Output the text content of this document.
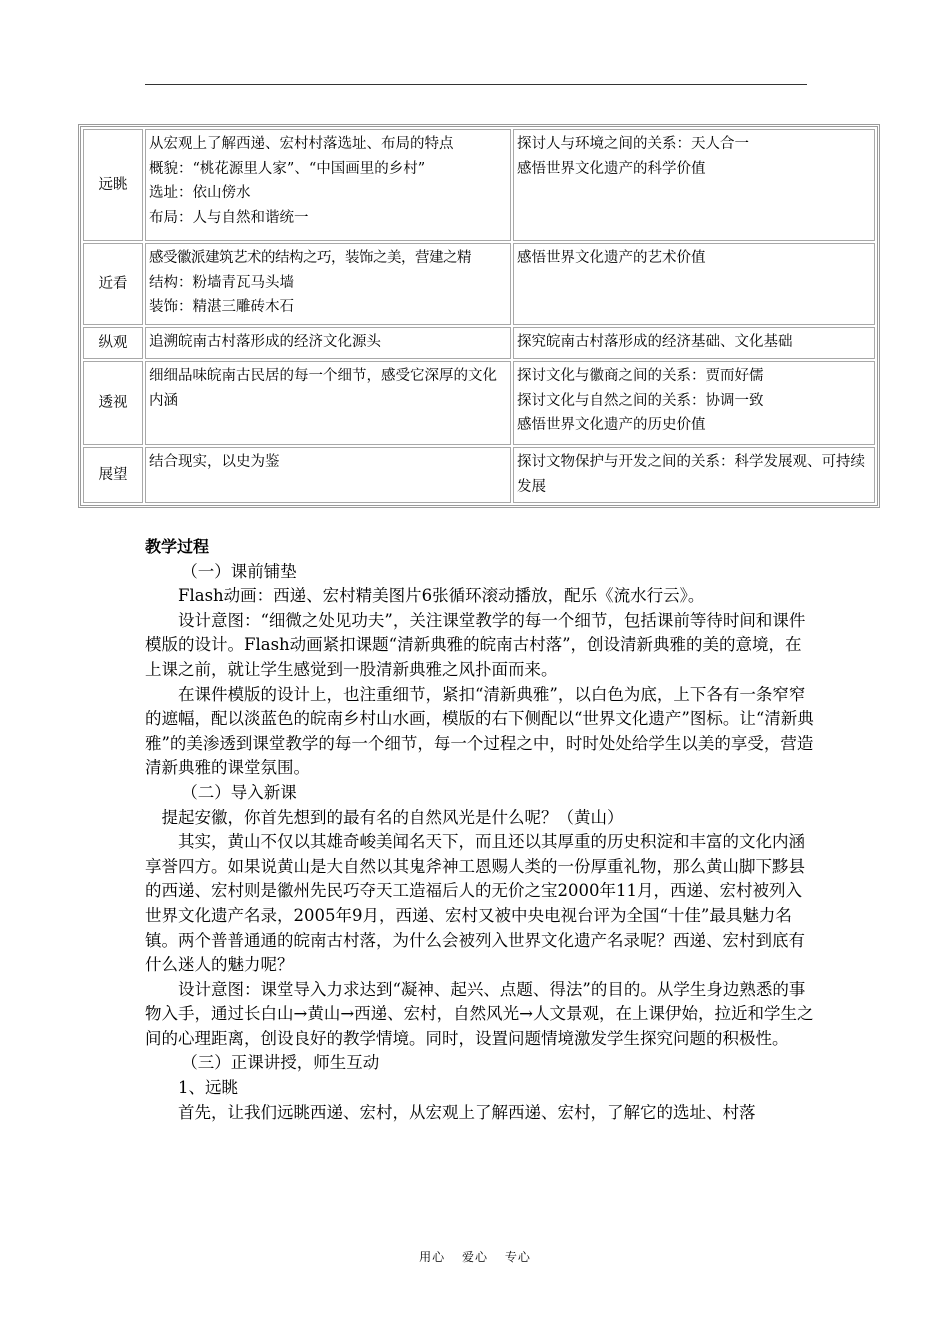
远眺	从宏观上了解西递、宏村村落选址、布局的特点
概貌：“桃花源里人家”、“中国画里的乡村”
选址：依山傍水
布局：人与自然和谐统一	探讨人与环境之间的关系：天人合一
感悟世界文化遗产的科学价值

近看	感受徽派建筑艺术的结构之巧，装饰之美，营建之精
结构：粉墙青瓦马头墙
装饰：精湛三雕砖木石	感悟世界文化遗产的艺术价值

纵观	追溯皖南古村落形成的经济文化源头	探究皖南古村落形成的经济基础、文化基础

透视	细细品味皖南古民居的每一个细节，感受它深厚的文化内涵	探讨文化与徽商之间的关系：贾而好儒
探讨文化与自然之间的关系：协调一致
感悟世界文化遗产的历史价值

展望	结合现实，以史为鉴	探讨文物保护与开发之间的关系：科学发展观、可持续发展

教学过程

（一）课前铺垫

Flash动画：西递、宏村精美图片6张循环滚动播放，配乐《流水行云》。

设计意图：“细微之处见功夫”，关注课堂教学的每一个细节，包括课前等待时间和课件模版的设计。Flash动画紧扣课题“清新典雅的皖南古村落”，创设清新典雅的美的意境，在上课之前，就让学生感觉到一股清新典雅之风扑面而来。

在课件模版的设计上，也注重细节，紧扣“清新典雅”，以白色为底，上下各有一条窄窄的遮幅，配以淡蓝色的皖南乡村山水画，模版的右下侧配以“世界文化遗产”图标。让“清新典雅”的美渗透到课堂教学的每一个细节，每一个过程之中，时时处处给学生以美的享受，营造清新典雅的课堂氛围。

（二）导入新课

提起安徽，你首先想到的最有名的自然风光是什么呢？（黄山）

其实，黄山不仅以其雄奇峻美闻名天下，而且还以其厚重的历史积淀和丰富的文化内涵享誉四方。如果说黄山是大自然以其鬼斧神工恩赐人类的一份厚重礼物，那么黄山脚下黟县的西递、宏村则是徽州先民巧夺天工造福后人的无价之宝2000年11月，西递、宏村被列入世界文化遗产名录，2005年9月，西递、宏村又被中央电视台评为全国“十佳”最具魅力名镇。两个普普通通的皖南古村落，为什么会被列入世界文化遗产名录呢？西递、宏村到底有什么迷人的魅力呢？

设计意图：课堂导入力求达到“凝神、起兴、点题、得法”的目的。从学生身边熟悉的事物入手，通过长白山→黄山→西递、宏村，自然风光→人文景观，在上课伊始，拉近和学生之间的心理距离，创设良好的教学情境。同时，设置问题情境激发学生探究问题的积极性。

（三）正课讲授，师生互动

1、远眺

首先，让我们远眺西递、宏村，从宏观上了解西递、宏村，了解它的选址、村落

用心 爱心 专心
